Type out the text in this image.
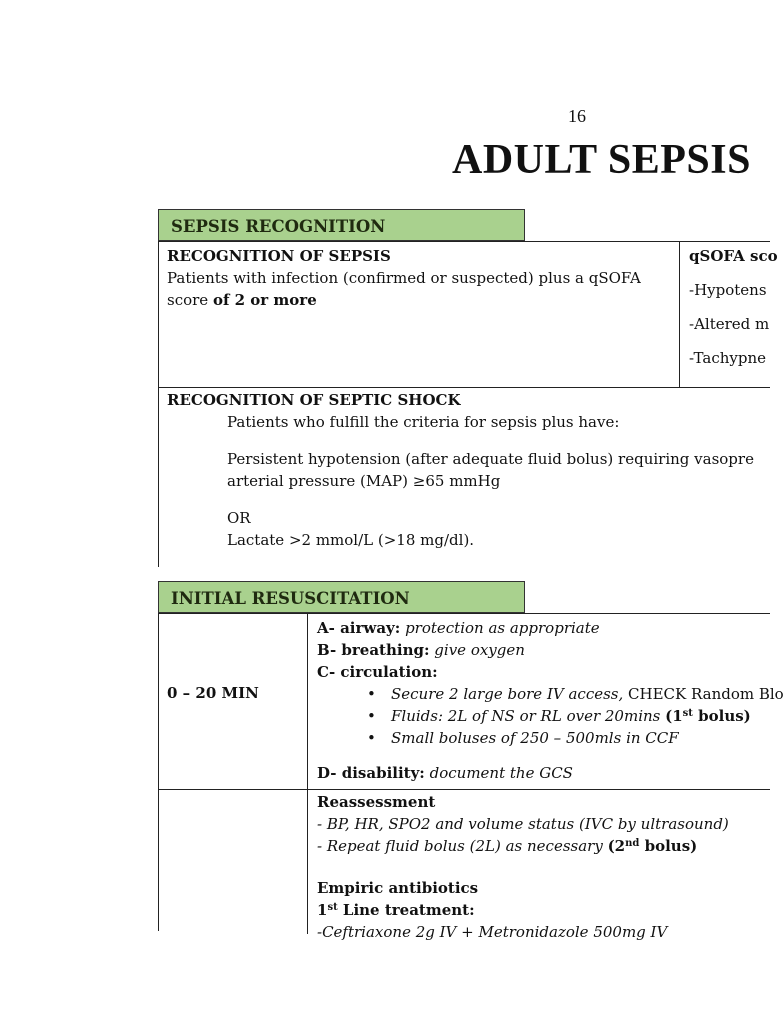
16
ADULT SEPSIS
SEPSIS RECOGNITION
RECOGNITION OF SEPSIS
Patients with infection (confirmed or suspected) plus a qSOFA
score of 2 or more
qSOFA sco
-Hypotens
-Altered m
-Tachypne
RECOGNITION OF SEPTIC SHOCK
Patients who fulfill the criteria for sepsis plus have:
Persistent hypotension (after adequate fluid bolus) requiring vasopre
arterial pressure (MAP) ≥65 mmHg
OR
Lactate >2 mmol/L (>18 mg/dl).
INITIAL RESUSCITATION
0 – 20 MIN
A- airway: protection as appropriate
B- breathing: give oxygen
C- circulation:
• Secure 2 large bore IV access, CHECK Random Blo
• Fluids: 2L of NS or RL over 20mins (1st bolus)
• Small boluses of 250 – 500mls in CCF
D- disability: document the GCS
Reassessment
- BP, HR, SPO2 and volume status (IVC by ultrasound)
- Repeat fluid bolus (2L) as necessary (2nd bolus)
Empiric antibiotics
1st Line treatment:
-Ceftriaxone 2g IV + Metronidazole 500mg IV
